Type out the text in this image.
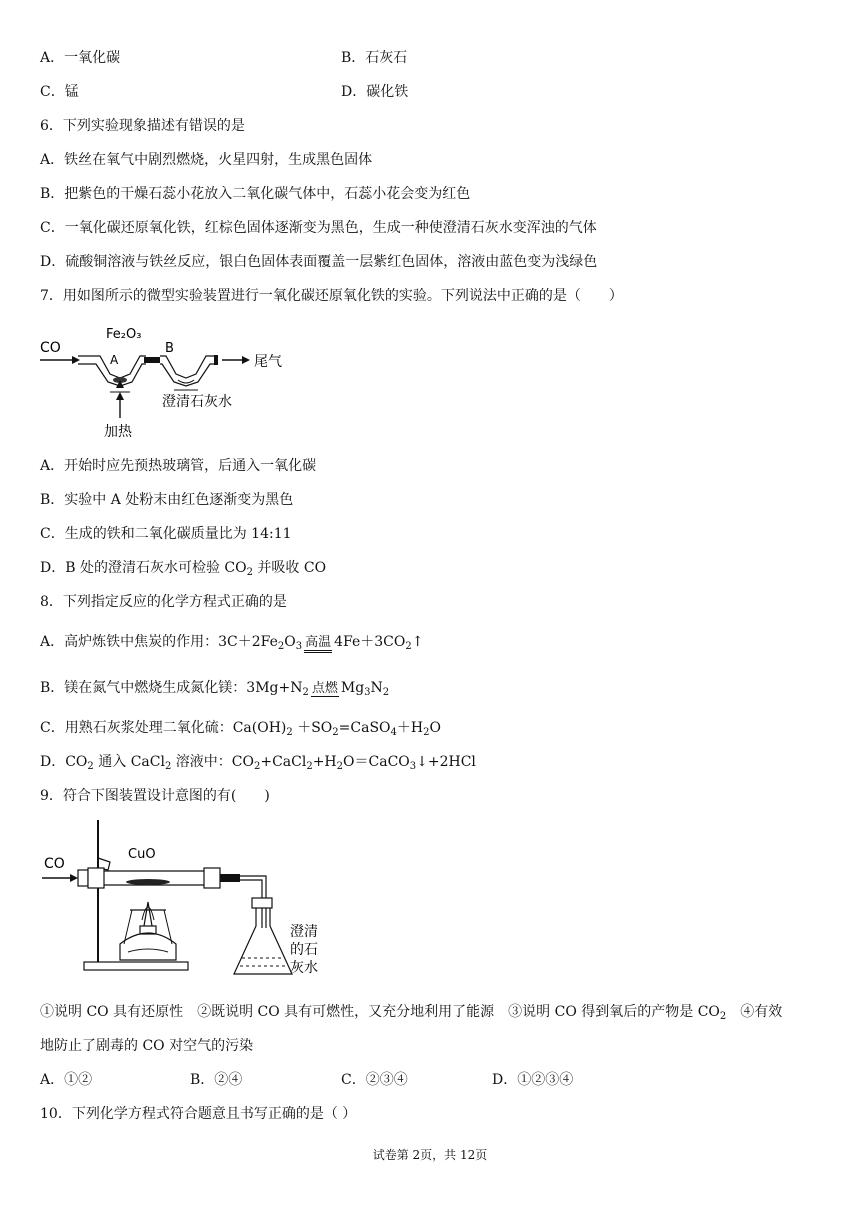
A．一氧化碳	B．石灰石
C．锰	D．碳化铁
6．下列实验现象描述有错误的是
A．铁丝在氧气中剧烈燃烧，火星四射，生成黑色固体
B．把紫色的干燥石蕊小花放入二氧化碳气体中，石蕊小花会变为红色
C．一氧化碳还原氧化铁，红棕色固体逐渐变为黑色，生成一种使澄清石灰水变浑浊的气体
D．硫酸铜溶液与铁丝反应，银白色固体表面覆盖一层紫红色固体，溶液由蓝色变为浅绿色
7．用如图所示的微型实验装置进行一氧化碳还原氧化铁的实验。下列说法中正确的是（　　）
CO
Fe₂O₃
A
B
尾气
澄清石灰水
加热
A．开始时应先预热玻璃管，后通入一氧化碳
B．实验中 A 处粉末由红色逐渐变为黑色
C．生成的铁和二氧化碳质量比为 14:11
D．B 处的澄清石灰水可检验 $CO_2$ 并吸收 CO
8．下列指定反应的化学方程式正确的是
A．高炉炼铁中焦炭的作用：$3C+2Fe_2O_3$ 高温 $4Fe+3CO_2↑$
B．镁在氮气中燃烧生成氮化镁：$3Mg+N_2$ 点燃 $Mg_3N_2$
C．用熟石灰浆处理二氧化硫：$Ca(OH)_2$ $+SO_2=CaSO_4+H_2O$
D．$CO_2$ 通入 CaCl$_2$ 溶液中：$CO_2+CaCl_2+H_2O=CaCO_3↓+2HCl$
9．符合下图装置设计意图的有(　　)
CO
CuO
澄清
的石
灰水
①说明 CO 具有还原性　②既说明 CO 具有可燃性，又充分地利用了能源　③说明 CO 得到氧后的产物是 $CO_2$　④有效
地防止了剧毒的 CO 对空气的污染
A．①②	B．②④	C．②③④	D．①②③④
10．下列化学方程式符合题意且书写正确的是（ ）
试卷第 2页，共 12页
